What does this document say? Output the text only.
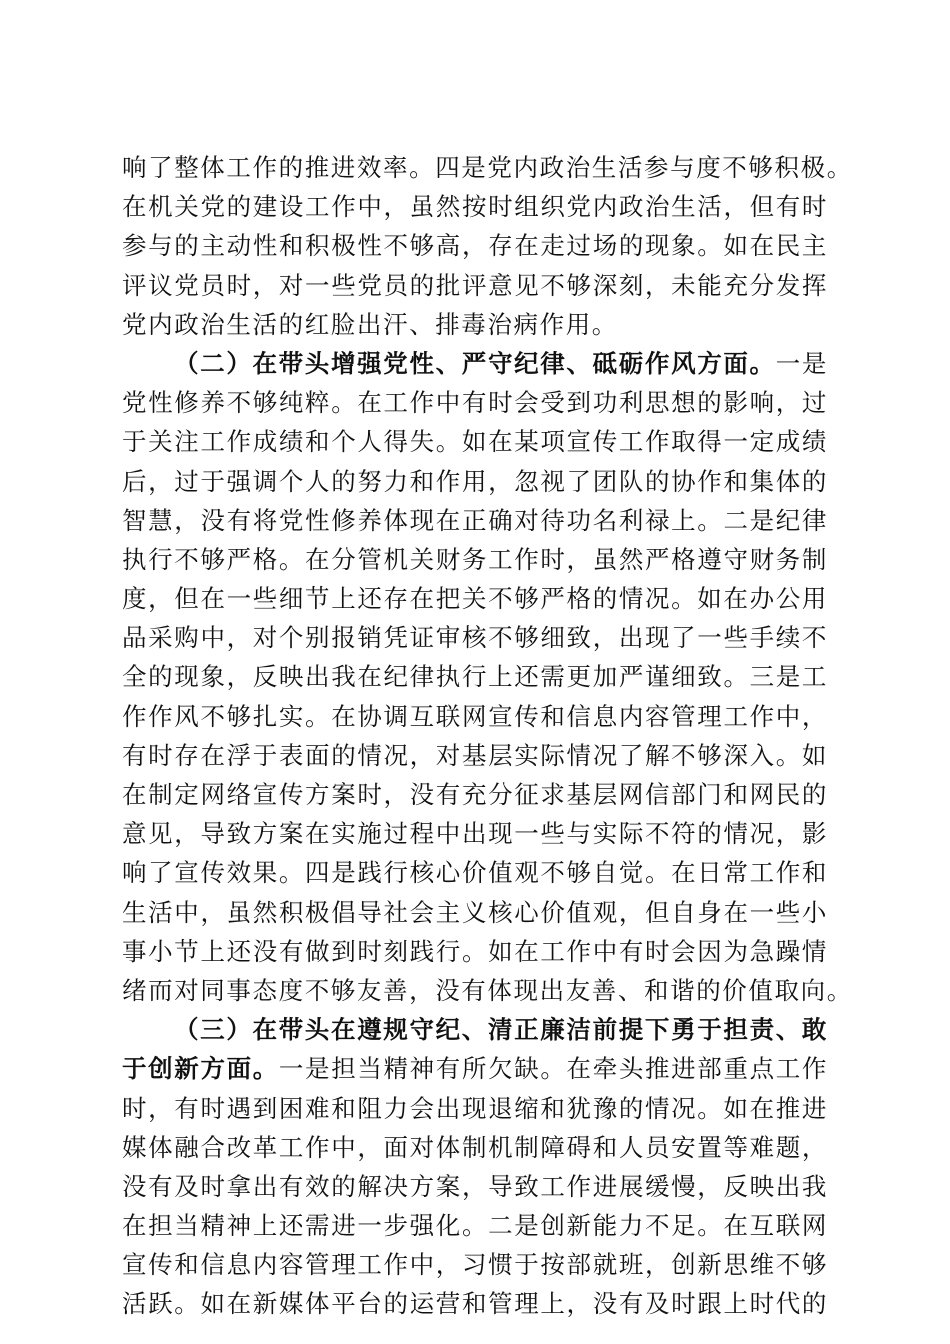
响了整体工作的推进效率。四是党内政治生活参与度不够积极。
在机关党的建设工作中，虽然按时组织党内政治生活，但有时
参与的主动性和积极性不够高，存在走过场的现象。如在民主
评议党员时，对一些党员的批评意见不够深刻，未能充分发挥
党内政治生活的红脸出汗、排毒治病作用。
（二）在带头增强党性、严守纪律、砥砺作风方面。一是
党性修养不够纯粹。在工作中有时会受到功利思想的影响，过
于关注工作成绩和个人得失。如在某项宣传工作取得一定成绩
后，过于强调个人的努力和作用，忽视了团队的协作和集体的
智慧，没有将党性修养体现在正确对待功名利禄上。二是纪律
执行不够严格。在分管机关财务工作时，虽然严格遵守财务制
度，但在一些细节上还存在把关不够严格的情况。如在办公用
品采购中，对个别报销凭证审核不够细致，出现了一些手续不
全的现象，反映出我在纪律执行上还需更加严谨细致。三是工
作作风不够扎实。在协调互联网宣传和信息内容管理工作中，
有时存在浮于表面的情况，对基层实际情况了解不够深入。如
在制定网络宣传方案时，没有充分征求基层网信部门和网民的
意见，导致方案在实施过程中出现一些与实际不符的情况，影
响了宣传效果。四是践行核心价值观不够自觉。在日常工作和
生活中，虽然积极倡导社会主义核心价值观，但自身在一些小
事小节上还没有做到时刻践行。如在工作中有时会因为急躁情
绪而对同事态度不够友善，没有体现出友善、和谐的价值取向。
（三）在带头在遵规守纪、清正廉洁前提下勇于担责、敢
于创新方面。一是担当精神有所欠缺。在牵头推进部重点工作
时，有时遇到困难和阻力会出现退缩和犹豫的情况。如在推进
媒体融合改革工作中，面对体制机制障碍和人员安置等难题，
没有及时拿出有效的解决方案，导致工作进展缓慢，反映出我
在担当精神上还需进一步强化。二是创新能力不足。在互联网
宣传和信息内容管理工作中，习惯于按部就班，创新思维不够
活跃。如在新媒体平台的运营和管理上，没有及时跟上时代的
